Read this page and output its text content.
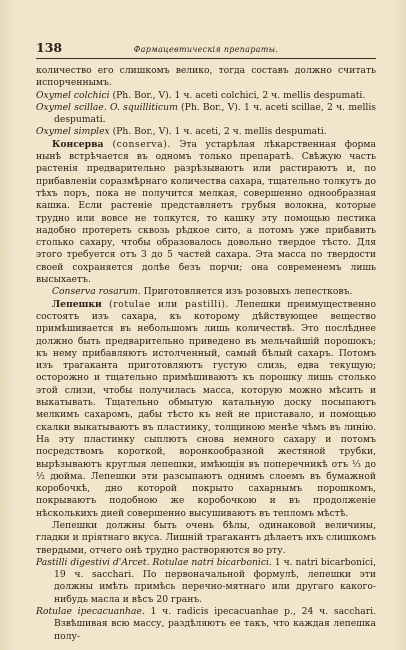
138	Фармацевтическiя препараты.

количество его слишкомъ велико, тогда составъ должно считать испорченнымъ.

Oxymel colchici (Ph. Bor., V). 1 ч. aceti colchici, 2 ч. mellis despumati.

Oxymel scillae. O. squilliticum (Ph. Bor., V). 1 ч. aceti scillae, 2 ч. mellis despumati.

Oxymel simplex (Ph. Bor., V). 1 ч. aceti, 2 ч. mellis despumati.

Консерва (conserva). Эта устарѣлая лѣкарственная форма нынѣ встрѣчается въ одномъ только препаратѣ. Свѣжую часть растенія предварительно разрѣзываютъ или растираютъ и, по прибавленіи соразмѣрнаго количества сахара, тщательно толкутъ до тѣхъ поръ, пока не получится мелкая, совершенно однообразная кашка. Если растеніе представляетъ грубыя волокна, которые трудно или вовсе не толкутся, то кашку эту помощью пестика надобно протереть сквозь рѣдкое сито, а потомъ уже прибавить столько сахару, чтобы образовалось довольно твердое тѣсто. Для этого требуется отъ 3 до 5 частей сахара. Эта масса по твердости своей сохраняется долѣе безъ порчи; она современемъ лишь высыхаетъ.

Conserva rosarum. Приготовляется изъ розовыхъ лепестковъ.

Лепешки (rotulae или pastilli). Лепешки преимущественно состоятъ изъ сахара, къ которому дѣйствующее вещество примѣшивается въ небольшомъ лишь количествѣ. Это послѣднее должно быть предварительно приведено въ мельчайшій порошокъ; къ нему прибавляютъ истолченный, самый бѣлый сахаръ. Потомъ изъ трагаканта приготовляютъ густую слизь, едва текущую; осторожно и тщательно примѣшиваютъ къ порошку лишь столько этой слизи, чтобы получилась масса, которую можно мѣсить и выкатывать. Тщательно обмытую катальную доску посыпаютъ мелкимъ сахаромъ, дабы тѣсто къ ней не приставало, и помощью скалки выкатываютъ въ пластинку, толщиною менѣе чѣмъ въ линію. На эту пластинку сыплютъ снова немного сахару и потомъ посредствомъ короткой, воронкообразной жестяной трубки, вырѣзываютъ круглыя лепешки, имѣющія въ поперечникѣ отъ ⅓ до ½ дюйма. Лепешки эти разсыпаютъ однимъ слоемъ въ бумажной коробочкѣ, дно которой покрыто сахарнымъ порошкомъ, покрываютъ подобною же коробочкою и въ продолженіе нѣсколькихъ дней совершенно высушиваютъ въ тепломъ мѣстѣ.

Лепешки должны быть очень бѣлы, одинаковой величины, гладки и пріятнаго вкуса. Лишній трагакантъ дѣлаетъ ихъ слишкомъ твердыми, отчего онѣ трудно растворяются во рту.

Pastilli digestivi d'Arcet. Rotulae natri bicarbonici. 1 ч. natri bicarbonici, 19 ч. sacchari. По первоначальной формулѣ, лепешки эти должны имѣть примѣсь перечно-мятнаго или другаго какого-нибудь масла и вѣсъ 20 гранъ.

Rotulae ipecacuanhae. 1 ч. radicis ipecacuanhae p., 24 ч. sacchari. Взвѣшивая всю массу, раздѣляютъ ее такъ, что каждая лепешка полу-
